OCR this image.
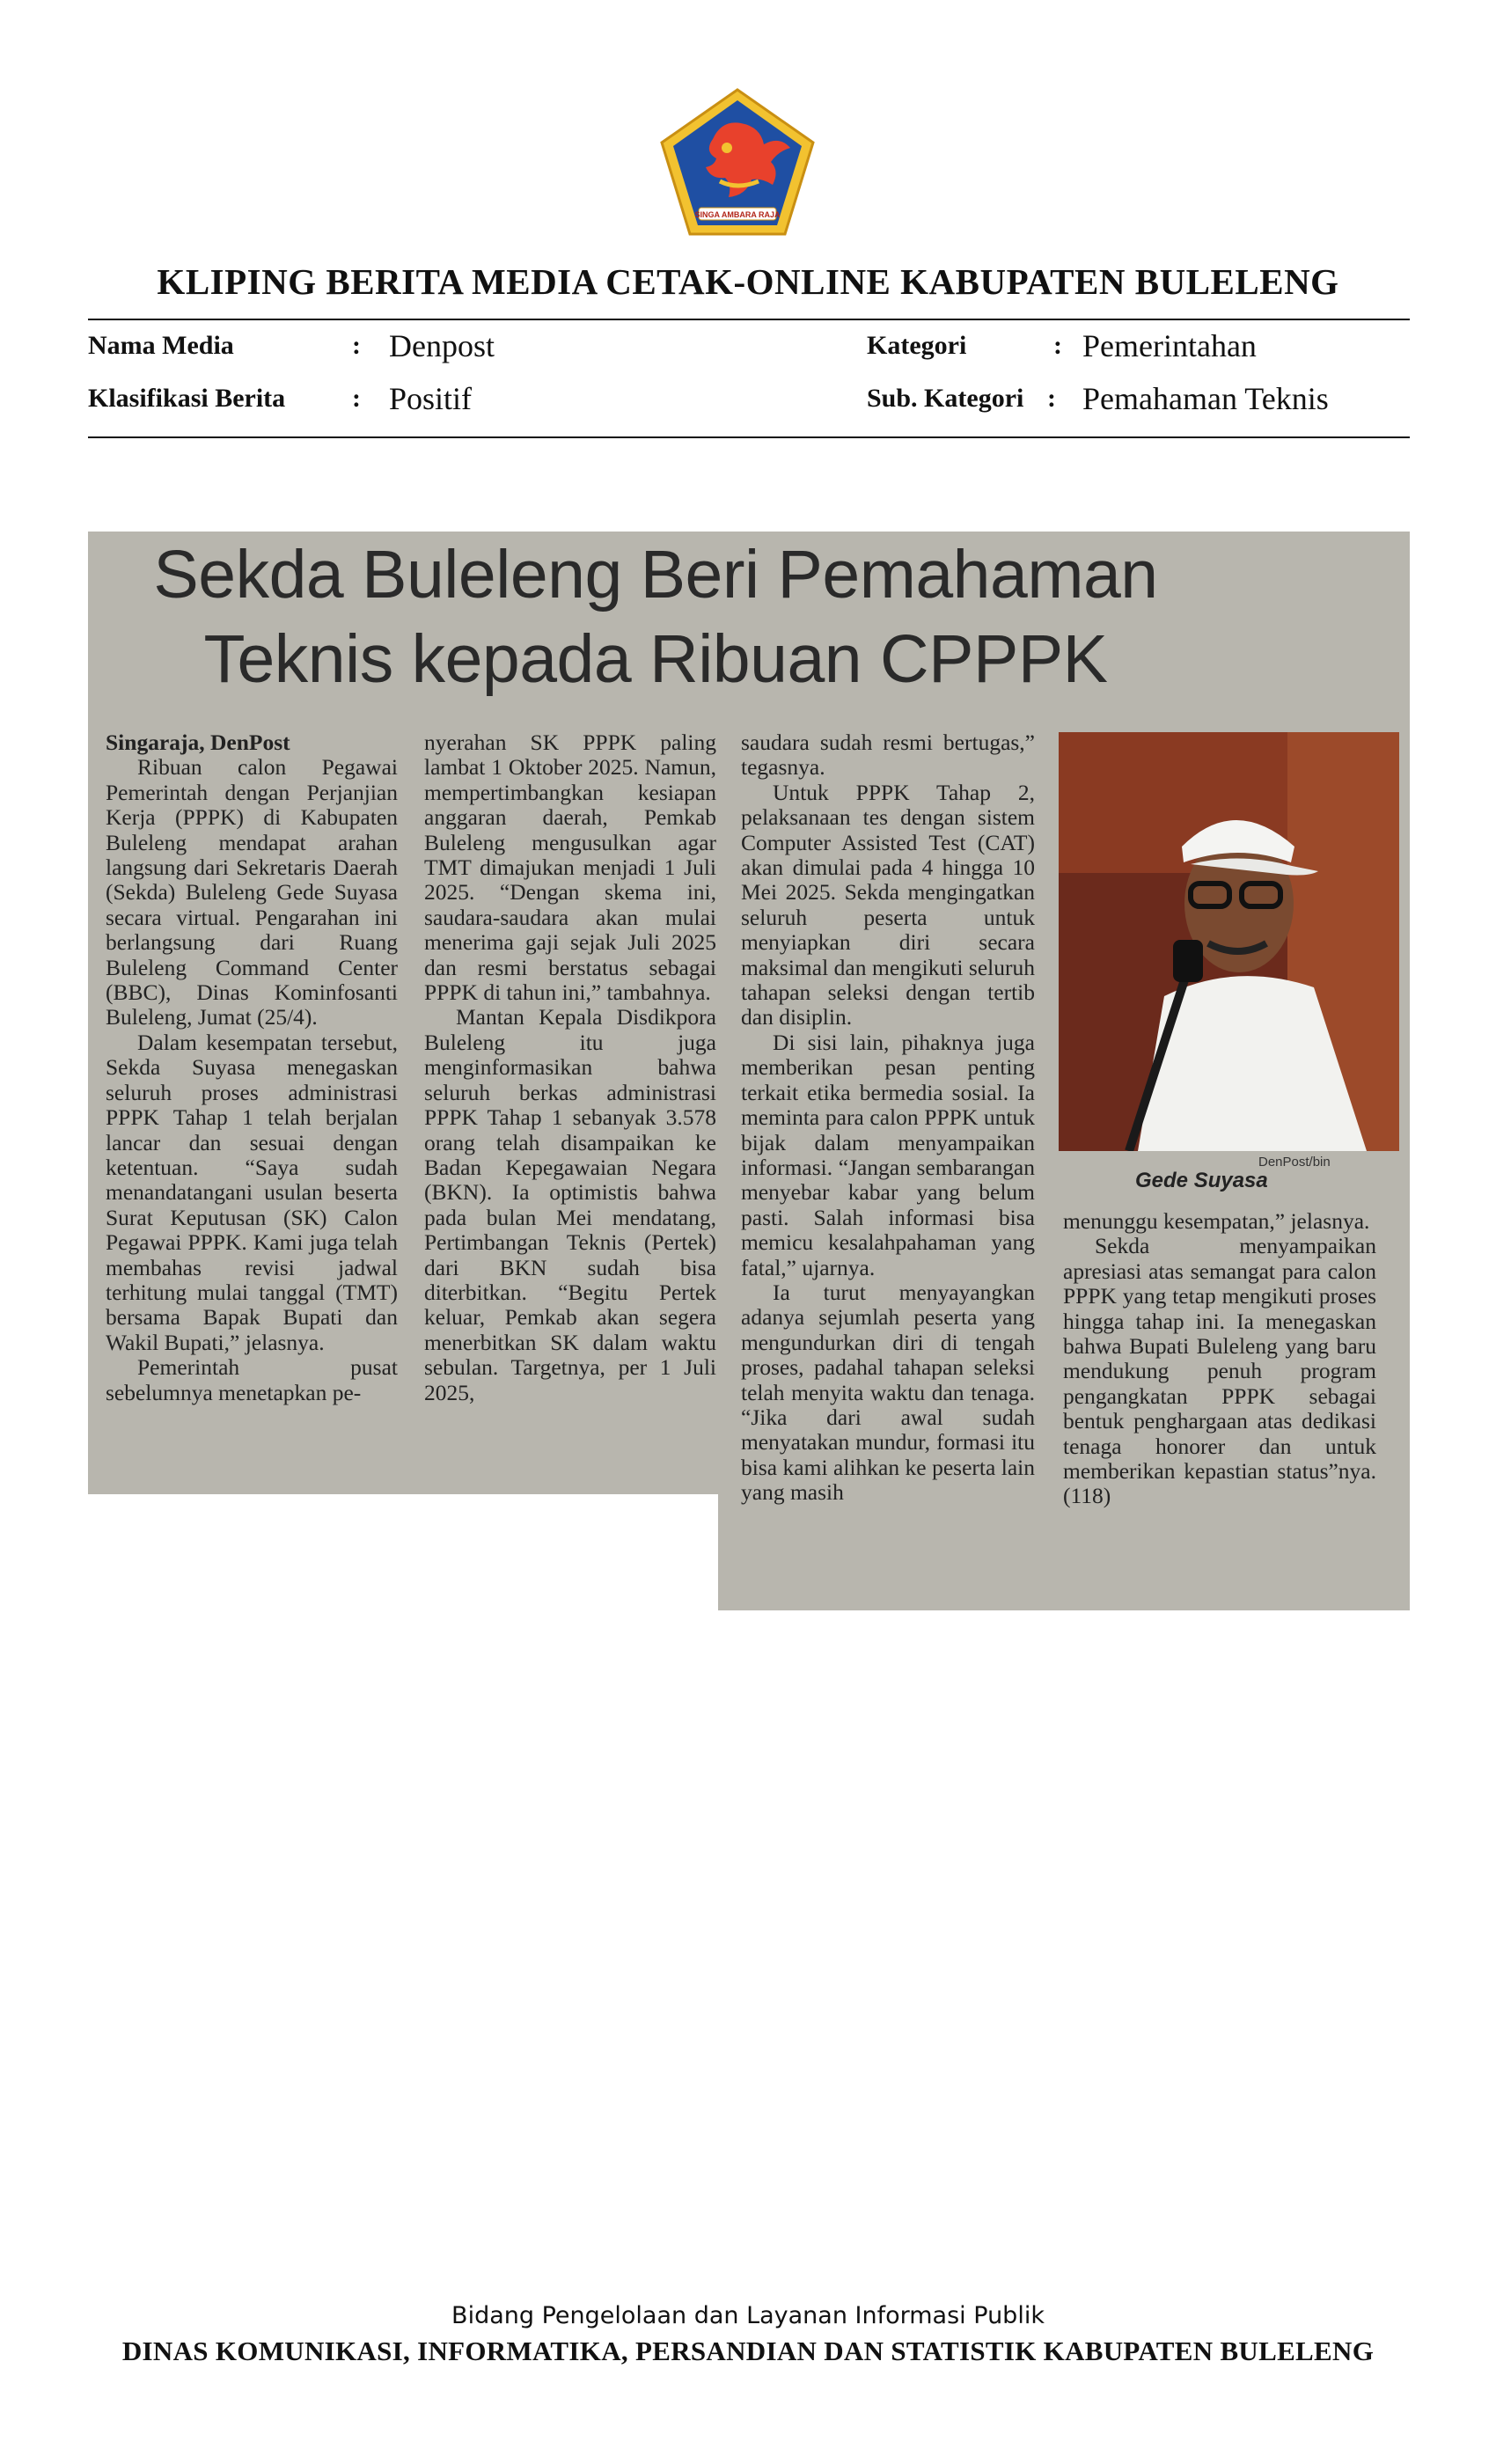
SINGA AMBARA RAJA
KLIPING BERITA MEDIA CETAK-ONLINE KABUPATEN BULELENG
Nama Media	: Denpost
Klasifikasi Berita	: Positif
Kategori	: Pemerintahan
Sub. Kategori : Pemahaman Teknis
Sekda Buleleng Beri Pemahaman
Teknis kepada Ribuan CPPPK
Singaraja, DenPost

Ribuan calon Pegawai Pemerintah dengan Perjanjian Kerja (PPPK) di Kabupaten Buleleng mendapat arahan langsung dari Sekretaris Daerah (Sekda) Buleleng Gede Suyasa secara virtual. Pengarahan ini berlangsung dari Ruang Buleleng Command Center (BBC), Dinas Kominfosanti Buleleng, Jumat (25/4).

Dalam kesempatan tersebut, Sekda Suyasa menegaskan seluruh proses administrasi PPPK Tahap 1 telah berjalan lancar dan sesuai dengan ketentuan. “Saya sudah menandatangani usulan beserta Surat Keputusan (SK) Calon Pegawai PPPK. Kami juga telah membahas revisi jadwal terhitung mulai tanggal (TMT) bersama Bapak Bupati dan Wakil Bupati,” jelasnya.

Pemerintah pusat sebelumnya menetapkan pe-

nyerahan SK PPPK paling lambat 1 Oktober 2025. Namun, mempertimbangkan kesiapan anggaran daerah, Pemkab Buleleng mengusulkan agar TMT dimajukan menjadi 1 Juli 2025. “Dengan skema ini, saudara-saudara akan mulai menerima gaji sejak Juli 2025 dan resmi berstatus sebagai PPPK di tahun ini,” tambahnya.

Mantan Kepala Disdikpora Buleleng itu juga menginformasikan bahwa seluruh berkas administrasi PPPK Tahap 1 sebanyak 3.578 orang telah disampaikan ke Badan Kepegawaian Negara (BKN). Ia optimistis bahwa pada bulan Mei mendatang, Pertimbangan Teknis (Pertek) dari BKN sudah bisa diterbitkan. “Begitu Pertek keluar, Pemkab akan segera menerbitkan SK dalam waktu sebulan. Targetnya, per 1 Juli 2025,

saudara sudah resmi bertugas,” tegasnya.

Untuk PPPK Tahap 2, pelaksanaan tes dengan sistem Computer Assisted Test (CAT) akan dimulai pada 4 hingga 10 Mei 2025. Sekda mengingatkan seluruh peserta untuk menyiapkan diri secara maksimal dan mengikuti seluruh tahapan seleksi dengan tertib dan disiplin.

Di sisi lain, pihaknya juga memberikan pesan penting terkait etika bermedia sosial. Ia meminta para calon PPPK untuk bijak dalam menyampaikan informasi. “Jangan sembarangan menyebar kabar yang belum pasti. Salah informasi bisa memicu kesalahpahaman yang fatal,” ujarnya.

Ia turut menyayangkan adanya sejumlah peserta yang mengundurkan diri di tengah proses, padahal tahapan seleksi telah menyita waktu dan tenaga. “Jika dari awal sudah menyatakan mundur, formasi itu bisa kami alihkan ke peserta lain yang masih

DenPost/bin
Gede Suyasa

menunggu kesempatan,” jelasnya.

Sekda menyampaikan apresiasi atas semangat para calon PPPK yang tetap mengikuti proses hingga tahap ini. Ia menegaskan bahwa Bupati Buleleng yang baru mendukung penuh program pengangkatan PPPK sebagai bentuk penghargaan atas dedikasi tenaga honorer dan untuk memberikan kepastian status”nya.(118)

Bidang Pengelolaan dan Layanan Informasi Publik
DINAS KOMUNIKASI, INFORMATIKA, PERSANDIAN DAN STATISTIK KABUPATEN BULELENG
